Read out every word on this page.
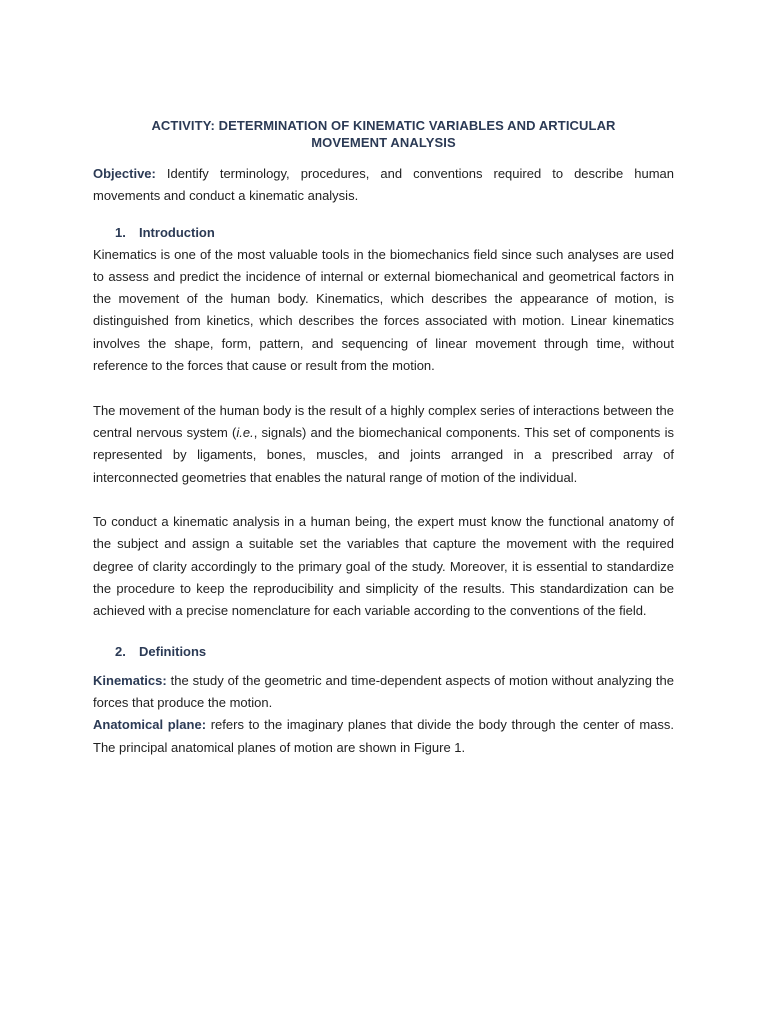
ACTIVITY: DETERMINATION OF KINEMATIC VARIABLES AND ARTICULAR
MOVEMENT ANALYSIS

Objective: Identify terminology, procedures, and conventions required to describe human movements and conduct a kinematic analysis.

1. Introduction

Kinematics is one of the most valuable tools in the biomechanics field since such analyses are used to assess and predict the incidence of internal or external biomechanical and geometrical factors in the movement of the human body. Kinematics, which describes the appearance of motion, is distinguished from kinetics, which describes the forces associated with motion. Linear kinematics involves the shape, form, pattern, and sequencing of linear movement through time, without reference to the forces that cause or result from the motion.

The movement of the human body is the result of a highly complex series of interactions between the central nervous system (i.e., signals) and the biomechanical components. This set of components is represented by ligaments, bones, muscles, and joints arranged in a prescribed array of interconnected geometries that enables the natural range of motion of the individual.

To conduct a kinematic analysis in a human being, the expert must know the functional anatomy of the subject and assign a suitable set the variables that capture the movement with the required degree of clarity accordingly to the primary goal of the study. Moreover, it is essential to standardize the procedure to keep the reproducibility and simplicity of the results. This standardization can be achieved with a precise nomenclature for each variable according to the conventions of the field.

2. Definitions

Kinematics: the study of the geometric and time-dependent aspects of motion without analyzing the forces that produce the motion.

Anatomical plane: refers to the imaginary planes that divide the body through the center of mass. The principal anatomical planes of motion are shown in Figure 1.
